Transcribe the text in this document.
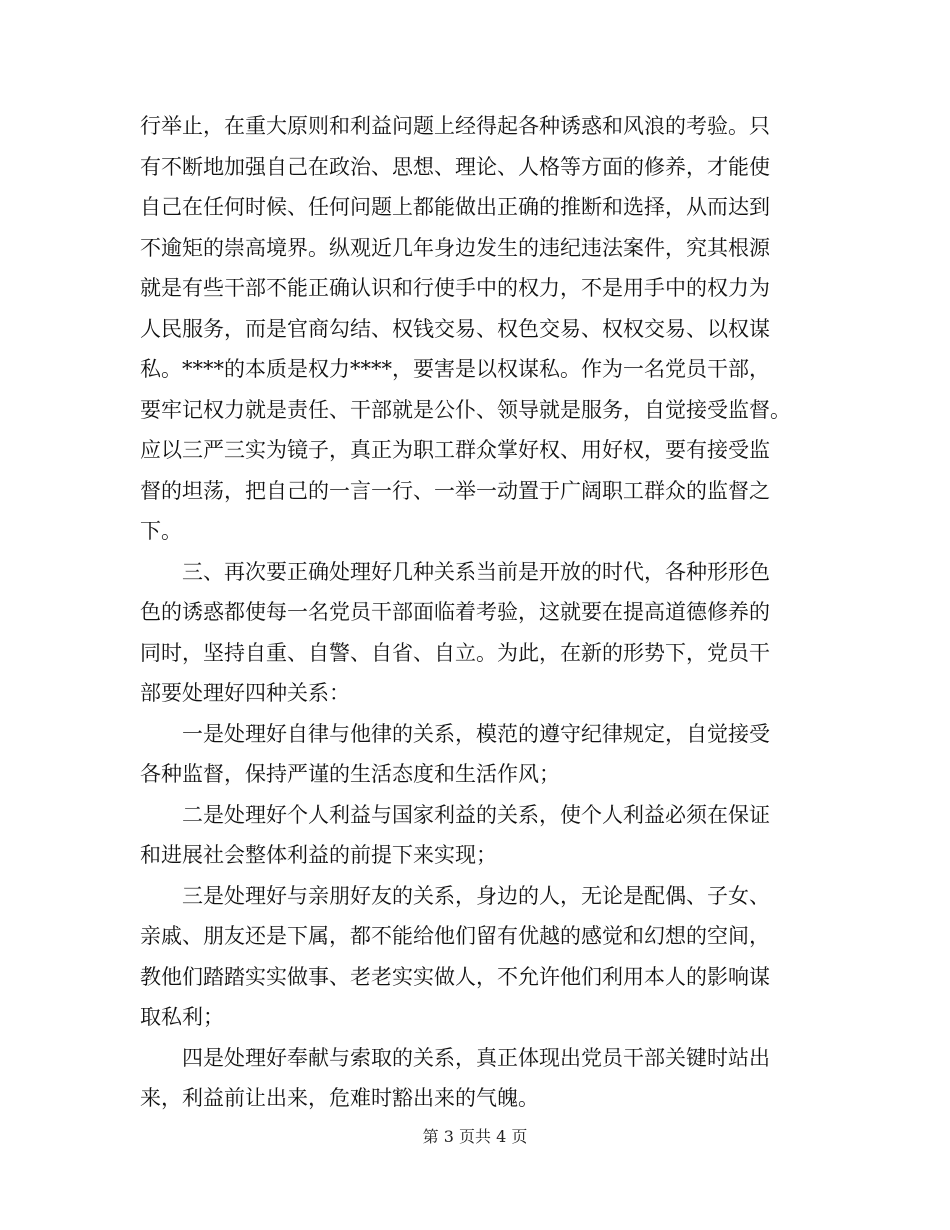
行举止，在重大原则和利益问题上经得起各种诱惑和风浪的考验。只
有不断地加强自己在政治、思想、理论、人格等方面的修养，才能使
自己在任何时候、任何问题上都能做出正确的推断和选择，从而达到
不逾矩的崇高境界。纵观近几年身边发生的违纪违法案件，究其根源
就是有些干部不能正确认识和行使手中的权力，不是用手中的权力为
人民服务，而是官商勾结、权钱交易、权色交易、权权交易、以权谋
私。****的本质是权力****，要害是以权谋私。作为一名党员干部，
要牢记权力就是责任、干部就是公仆、领导就是服务，自觉接受监督。
应以三严三实为镜子，真正为职工群众掌好权、用好权，要有接受监
督的坦荡，把自己的一言一行、一举一动置于广阔职工群众的监督之
下。
　　三、再次要正确处理好几种关系当前是开放的时代，各种形形色
色的诱惑都使每一名党员干部面临着考验，这就要在提高道德修养的
同时，坚持自重、自警、自省、自立。为此，在新的形势下，党员干
部要处理好四种关系：
　　一是处理好自律与他律的关系，模范的遵守纪律规定，自觉接受
各种监督，保持严谨的生活态度和生活作风；
　　二是处理好个人利益与国家利益的关系，使个人利益必须在保证
和进展社会整体利益的前提下来实现；
　　三是处理好与亲朋好友的关系，身边的人，无论是配偶、子女、
亲戚、朋友还是下属，都不能给他们留有优越的感觉和幻想的空间，
教他们踏踏实实做事、老老实实做人，不允许他们利用本人的影响谋
取私利；
　　四是处理好奉献与索取的关系，真正体现出党员干部关键时站出
来，利益前让出来，危难时豁出来的气魄。
第 3 页共 4 页
